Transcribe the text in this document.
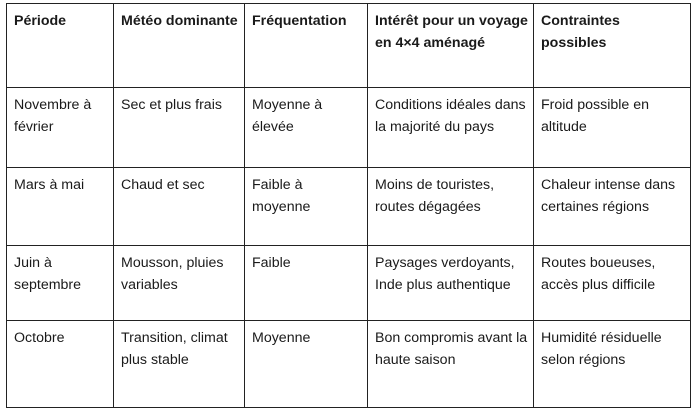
Période	Météo dominante	Fréquentation	Intérêt pour un voyage en 4×4 aménagé	Contraintes possibles
Novembre à février	Sec et plus frais	Moyenne à élevée	Conditions idéales dans la majorité du pays	Froid possible en altitude
Mars à mai	Chaud et sec	Faible à moyenne	Moins de touristes, routes dégagées	Chaleur intense dans certaines régions
Juin à septembre	Mousson, pluies variables	Faible	Paysages verdoyants, Inde plus authentique	Routes boueuses, accès plus difficile
Octobre	Transition, climat plus stable	Moyenne	Bon compromis avant la haute saison	Humidité résiduelle selon régions
